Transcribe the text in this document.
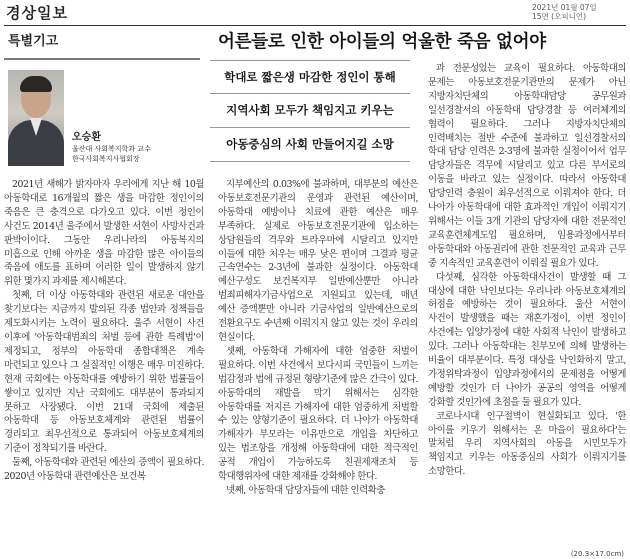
경상일보	2021년 01월 07일
15면 (오피니언)
특별기고	어른들로 인한 아이들의 억울한 죽음 없어야
학대로 짧은생 마감한 정인이 통해
지역사회 모두가 책임지고 키우는
아동중심의 사회 만들어지길 소망
오승환
울산대 사회복지학과 교수
한국사회복지사협회장

2021년 새해가 밝자마자 우리에게 지난 해 10월 아동학대로 16개월의 짧은 생을 마감한 정인이의 죽음은 큰 충격으로 다가오고 있다. 이번 정인이 사건도 2014년 울주에서 발생한 서현이 사망사건과 판박이이다. 그동안 우리나라의 아동복지의 미흡으로 인해 아까운 생을 마감한 많은 아이들의 죽음에 애도를 표하며 이러한 일이 발생하지 않기 위한 몇가지 과제를 제시해본다.

첫째, 더 이상 아동학대와 관련된 새로운 대안을 찾기보다는 지금까지 발의된 각종 법안과 정책들을 제도화시키는 노력이 필요하다. 울주 서현이 사건 이후에 '아동학대범죄의 처벌 등에 관한 특례법'이 제정되고, 정부의 아동학대 종합대책은 계속 마련되고 있으나 그 실질적인 이행은 매우 미진하다. 현재 국회에는 아동학대를 예방하기 위한 법률들이 쌓이고 있지만 지난 국회에도 대부분이 통과되지 못하고 사장됐다. 이번 21대 국회에 제출된 아동학대 등 아동보호체계와 관련된 법률이 경리되고 최우선적으로 통과되어 아동보호체계의 기준이 정착되기를 바란다.

둘째, 아동학대와 관련된 예산의 증액이 필요하다. 2020년 아동학대 관련예산은 보건복

지부예산의 0.03%에 불과하며, 대부분의 예산은 아동보호전문기관의 운영과 관련된 예산이며, 아동학대 예방이나 치료에 관한 예산은 매우 부족하다. 실제로 아동보호전문기관에 입소하는 상담원들의 격무와 트라우마에 시달리고 있지만 이들에 대한 처우는 매우 낮은 편이며 그결과 평균 근속연수는 2-3년에 불과한 실정이다. 아동학대 예산구성도 보건복지부 일반예산뿐만 아니라 범죄피해자기금사업으로 지원되고 있는데, 매년 예산 증액뿐만 아니라 기금사업의 일반예산으로의 전환요구도 수년째 이뤄지지 않고 있는 것이 우리의 현실이다.

셋째, 아동학대 가해자에 대한 엄중한 처벌이 필요하다. 이번 사건에서 보다시피 국민들이 느끼는 법감정과 법에 규정된 형량기준에 많은 간극이 있다. 아동학대의 재발을 막기 위해서는 심각한 아동학대를 저지른 가해자에 대한 엄중하게 처벌할 수 있는 양형기준이 필요하다. 더 나아가 아동학대 가해자가 부모라는 이유만으로 개입을 차단하고 있는 법조항을 개정해 아동학대에 대한 적극적인 공적 개입이 가능하도록 친권제재조치 등 학대행위자에 대한 제재를 강화해야 한다.

넷째, 아동학대 담당자들에 대한 인력확충

과 전문성있는 교육이 필요하다. 아동학대의 문제는 아동보호전문기관만의 문제가 아닌 지방자치단체의 아동학대담당 공무원과 일선경찰서의 아동학대 담당경찰 등 여러체계의 협력이 필요하다. 그러나 지방자치단체의 인력배치는 절반 수준에 불과하고 일선경찰서의 학대 담당 인력은 2-3명에 불과한 실정이어서 업무 담당자들은 격무에 시달리고 있고 다른 부서로의 이동을 바라고 있는 실정이다. 따라서 아동학대 담당인력 충원이 최우선적으로 이뤄져야 한다. 더 나아가 아동학대에 대한 효과적인 개입이 이뤄지기 위해서는 이들 3개 기관의 담당자에 대한 전문적인 교육훈련체계도입 필요하며, 임용과정에서부터 아동학대와 아동권리에 관한 전문적인 교육과 근무 중 지속적인 교육훈련이 이뤄질 필요가 있다.

다섯째, 심각한 아동학대사건이 발생할 때 그 대상에 대한 낙인보다는 우리나라 아동보호체계의 허점을 예방하는 것이 필요하다. 울산 서현이 사건이 발생했을 때는 재혼가정이, 이번 정인이 사건에는 입양가정에 대한 사회적 낙인이 발생하고 있다. 그러나 아동학대는 친부모에 의해 발생하는 비율이 대부분이다. 특정 대상을 낙인화하지 말고, 가정위탁과정이 입양과정에서의 문제점을 어떻게 예방할 것인가 더 나아가 공공의 영역을 어떻게 강화할 것인가에 초점을 둘 필요가 있다.

코로나시대 인구절벽이 현실화되고 있다. '한 아이를 키우기 위해서는 온 마을이 필요하다'는 말처럼 우리 지역사회의 아동을 시민모두가 책임지고 키우는 아동중심의 사회가 이뤄지기를 소망한다.

(20.3×17.0cm)
